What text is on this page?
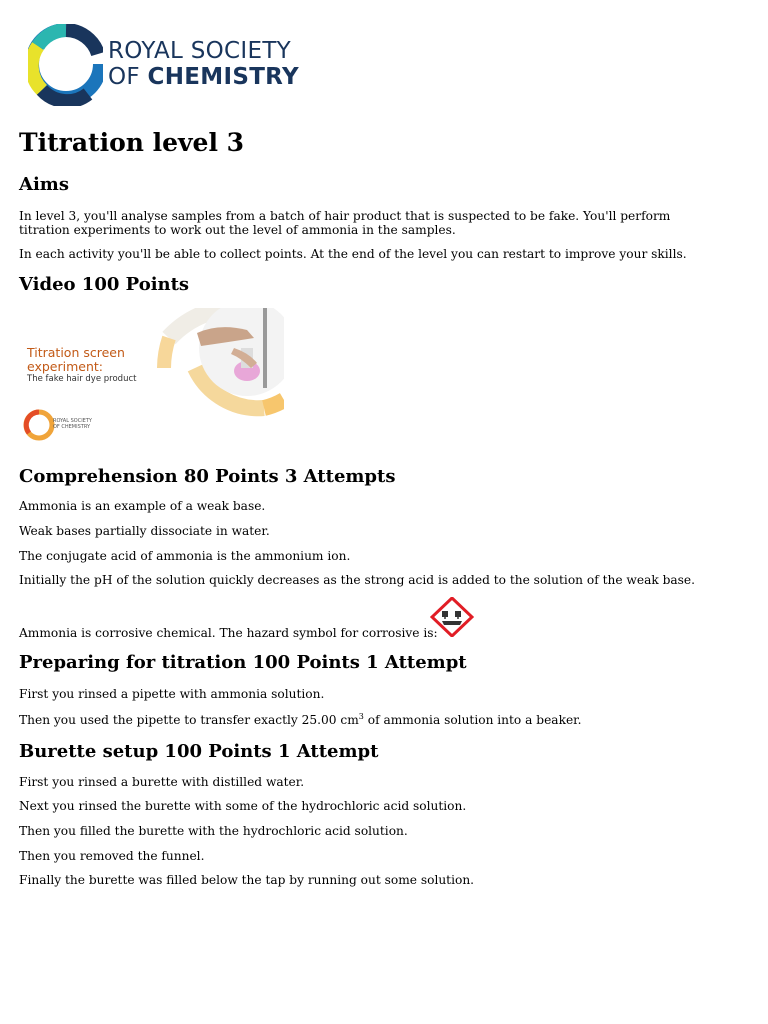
ROYAL SOCIETY
OF CHEMISTRY
Titration level 3
Aims

In level 3, you'll analyse samples from a batch of hair product that is suspected to be fake. You'll perform titration experiments to work out the level of ammonia in the samples.

In each activity you'll be able to collect points. At the end of the level you can restart to improve your skills.

Video 100 Points
Titration screen experiment:
The fake hair dye product
ROYAL SOCIETY
OF CHEMISTRY
Comprehension 80 Points 3 Attempts

Ammonia is an example of a weak base.

Weak bases partially dissociate in water.

The conjugate acid of ammonia is the ammonium ion.

Initially the pH of the solution quickly decreases as the strong acid is added to the solution of the weak base.

Ammonia is corrosive chemical. The hazard symbol for corrosive is:

Preparing for titration 100 Points 1 Attempt

First you rinsed a pipette with ammonia solution.

Then you used the pipette to transfer exactly 25.00 $cm^3$ of ammonia solution into a beaker.

Burette setup 100 Points 1 Attempt

First you rinsed a burette with distilled water.

Next you rinsed the burette with some of the hydrochloric acid solution.

Then you filled the burette with the hydrochloric acid solution.

Then you removed the funnel.

Finally the burette was filled below the tap by running out some solution.
